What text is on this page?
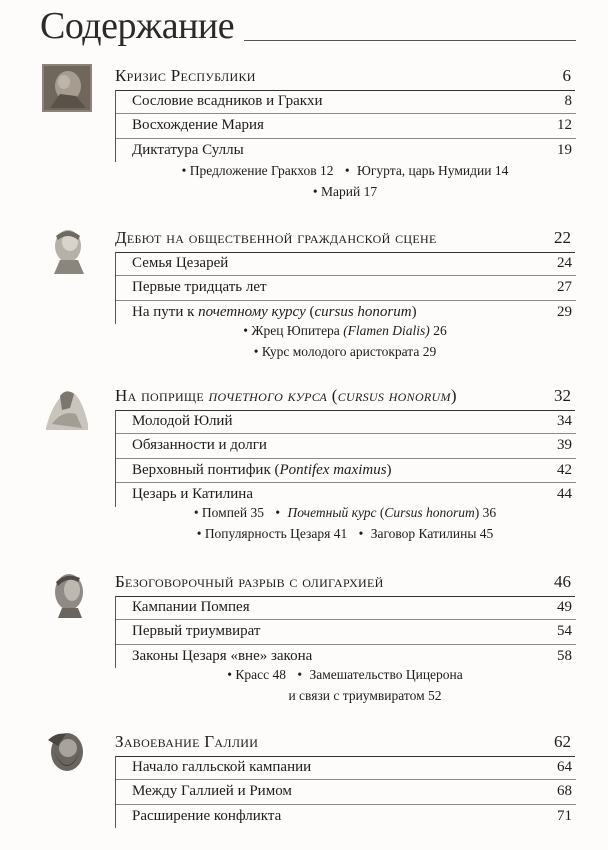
Содержание
Кризис Республики	6
Сословие всадников и Гракхи	8
Восхождение Мария	12
Диктатура Суллы	19
• Предложение Гракхов 12 • Югурта, царь Нумидии 14
• Марий 17
Дебют на общественной гражданской сцене	22
Семья Цезарей	24
Первые тридцать лет	27
На пути к почетному курсу (cursus honorum)	29
• Жрец Юпитера (Flamen Dialis) 26
• Курс молодого аристократа 29
На поприще почетного курса (cursus honorum)	32
Молодой Юлий	34
Обязанности и долги	39
Верховный понтифик (Pontifex maximus)	42
Цезарь и Катилина	44
• Помпей 35 • Почетный курс (Cursus honorum) 36
• Популярность Цезаря 41 • Заговор Катилины 45
Безоговорочный разрыв с олигархией	46
Кампании Помпея	49
Первый триумвират	54
Законы Цезаря «вне» закона	58
• Красс 48 • Замешательство Цицерона
и связи с триумвиратом 52
Завоевание Галлии	62
Начало галльской кампании	64
Между Галлией и Римом	68
Расширение конфликта	71
